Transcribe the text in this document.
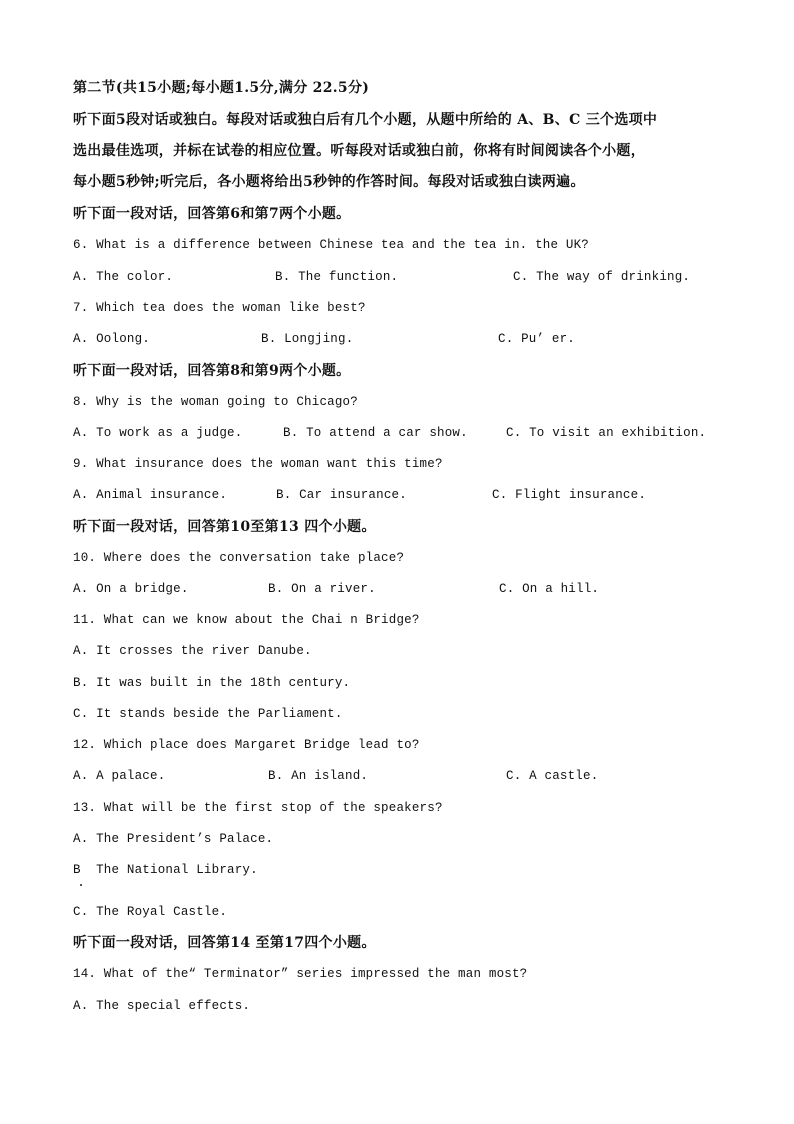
第二节(共15小题;每小题1.5分,满分 22.5分)
听下面5段对话或独白。每段对话或独白后有几个小题，从题中所给的 A、B、C 三个选项中
选出最佳选项，并标在试卷的相应位置。听每段对话或独白前，你将有时间阅读各个小题，
每小题5秒钟;听完后，各小题将给出5秒钟的作答时间。每段对话或独白读两遍。
听下面一段对话，回答第6和第7两个小题。
6. What is a difference between Chinese tea and the tea in. the UK?
A. The color.	B. The function.	C. The way of drinking.
7. Which tea does the woman like best?
A. Oolong.	B. Longjing.	C. Pu’ er.
听下面一段对话，回答第8和第9两个小题。
8. Why is the woman going to Chicago?
A. To work as a judge.	B. To attend a car show.	C. To visit an exhibition.
9. What insurance does the woman want this time?
A. Animal insurance.	B. Car insurance.	C. Flight insurance.
听下面一段对话，回答第10至第13 四个小题。
10. Where does the conversation take place?
A. On a bridge.	B. On a river.	C. On a hill.
11. What can we know about the Chai n Bridge?
A. It crosses the river Danube.
B. It was built in the 18th century.
C. It stands beside the Parliament.
12. Which place does Margaret Bridge lead to?
A. A palace.	B. An island.	C. A castle.
13. What will be the first stop of the speakers?
A. The President’s Palace.
B  The National Library.
C. The Royal Castle.
听下面一段对话，回答第14 至第17四个小题。
14. What of the“ Terminator” series impressed the man most?
A. The special effects.
